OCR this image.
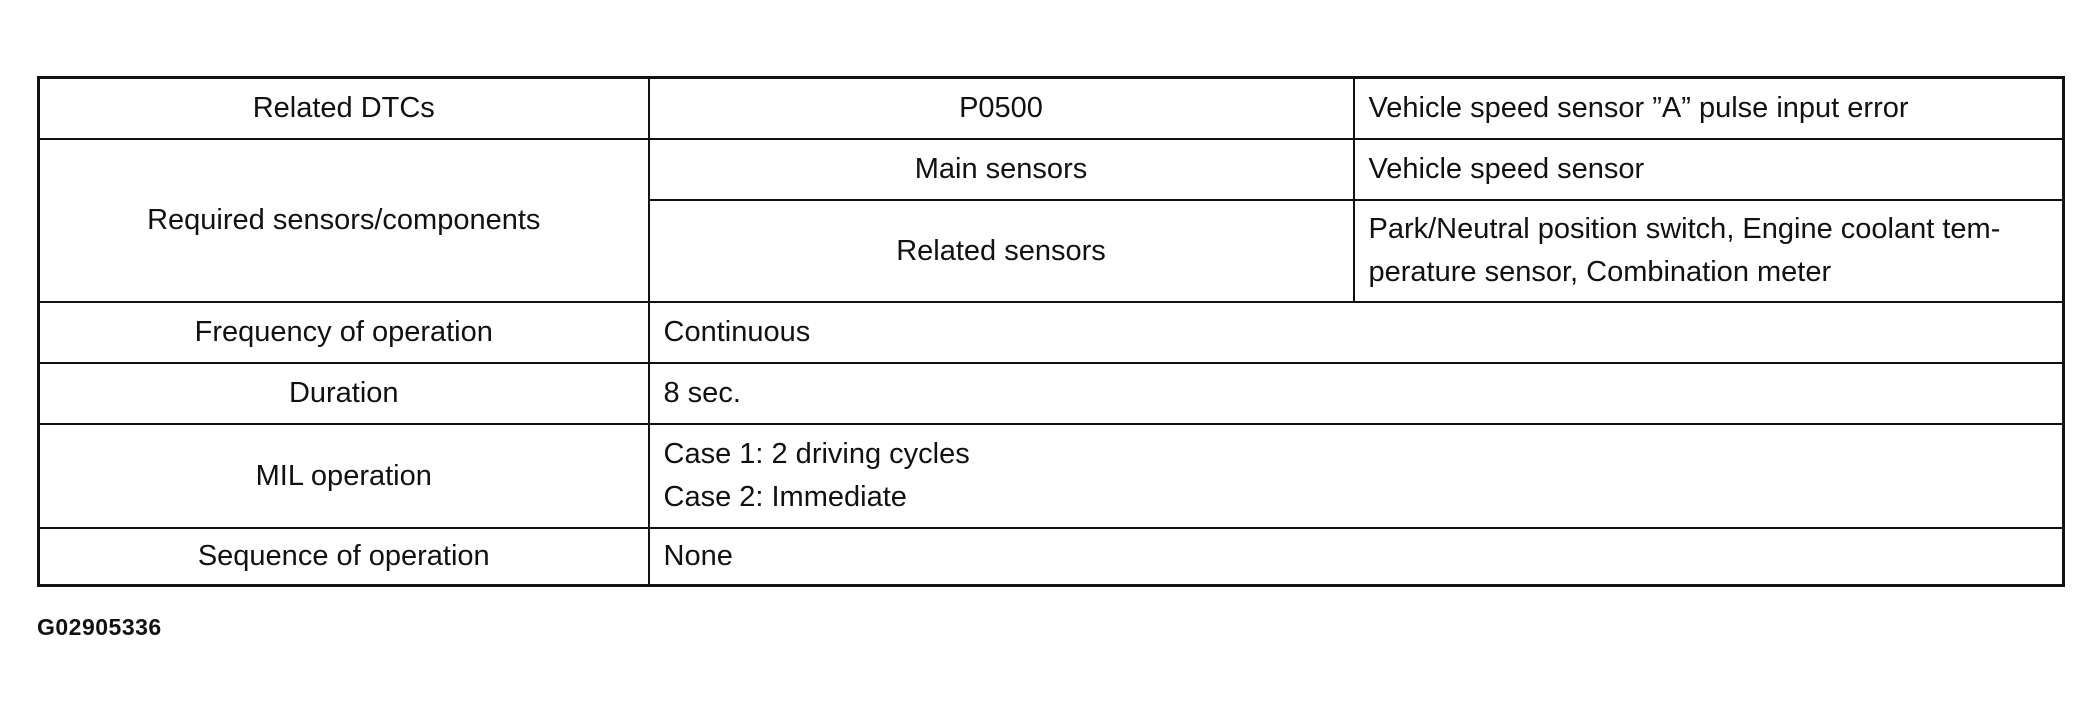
Related DTCs	P0500	Vehicle speed sensor ”A” pulse input error
Required sensors/components	Main sensors	Vehicle speed sensor
	Related sensors	Park/Neutral position switch, Engine coolant tem-
perature sensor, Combination meter

Frequency of operation	Continuous	
Duration	8 sec.	
MIL operation	Case 1: 2 driving cycles
Case 2: Immediate	

Sequence of operation	None	
G02905336
